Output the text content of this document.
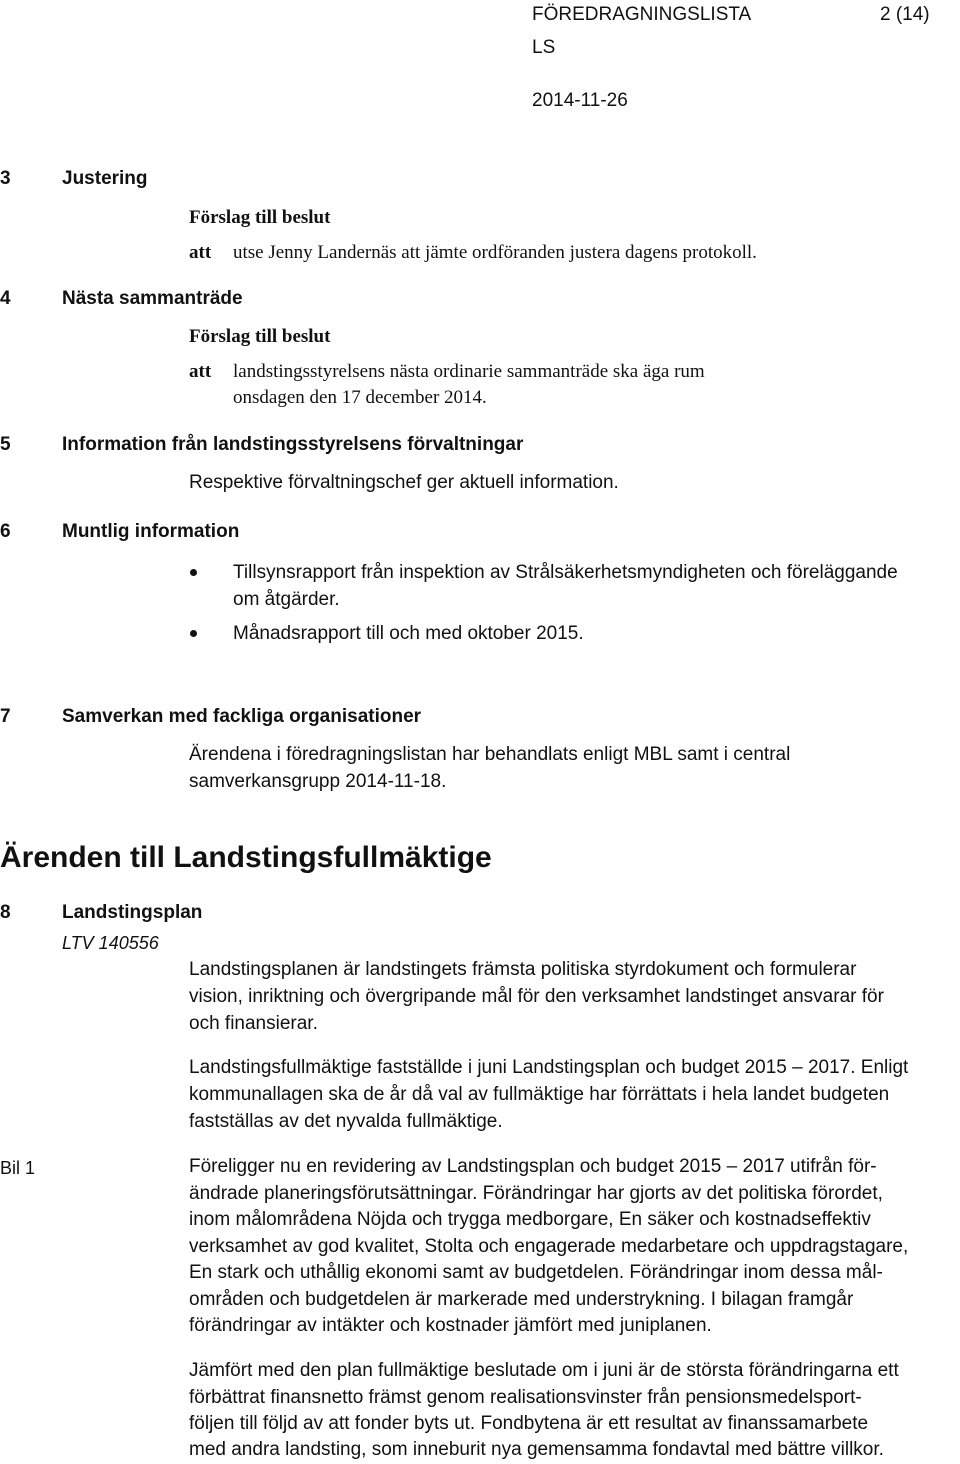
FÖREDRAGNINGSLISTA	2 (14)
LS
2014-11-26
3	Justering
Förslag till beslut
att utse Jenny Landernäs att jämte ordföranden justera dagens protokoll.
4	Nästa sammanträde
Förslag till beslut
att landstingsstyrelsens nästa ordinarie sammanträde ska äga rum
onsdagen den 17 december 2014.
5	Information från landstingsstyrelsens förvaltningar
Respektive förvaltningschef ger aktuell information.
6	Muntlig information
Tillsynsrapport från inspektion av Strålsäkerhetsmyndigheten och föreläggande
om åtgärder.
Månadsrapport till och med oktober 2015.
7	Samverkan med fackliga organisationer
Ärendena i föredragningslistan har behandlats enligt MBL samt i central
samverkansgrupp 2014-11-18.
Ärenden till Landstingsfullmäktige
8	Landstingsplan
LTV 140556
Landstingsplanen är landstingets främsta politiska styrdokument och formulerar
vision, inriktning och övergripande mål för den verksamhet landstinget ansvarar för
och finansierar.
Landstingsfullmäktige fastställde i juni Landstingsplan och budget 2015 – 2017. Enligt
kommunallagen ska de år då val av fullmäktige har förrättats i hela landet budgeten
fastställas av det nyvalda fullmäktige.
Bil 1	Föreligger nu en revidering av Landstingsplan och budget 2015 – 2017 utifrån för-
ändrade planeringsförutsättningar. Förändringar har gjorts av det politiska förordet,
inom målområdena Nöjda och trygga medborgare, En säker och kostnadseffektiv
verksamhet av god kvalitet, Stolta och engagerade medarbetare och uppdragstagare,
En stark och uthållig ekonomi samt av budgetdelen. Förändringar inom dessa mål-
områden och budgetdelen är markerade med understrykning. I bilagan framgår
förändringar av intäkter och kostnader jämfört med juniplanen.
Jämfört med den plan fullmäktige beslutade om i juni är de största förändringarna ett
förbättrat finansnetto främst genom realisationsvinster från pensionsmedelsport-
följen till följd av att fonder byts ut. Fondbytena är ett resultat av finanssamarbete
med andra landsting, som inneburit nya gemensamma fondavtal med bättre villkor.
